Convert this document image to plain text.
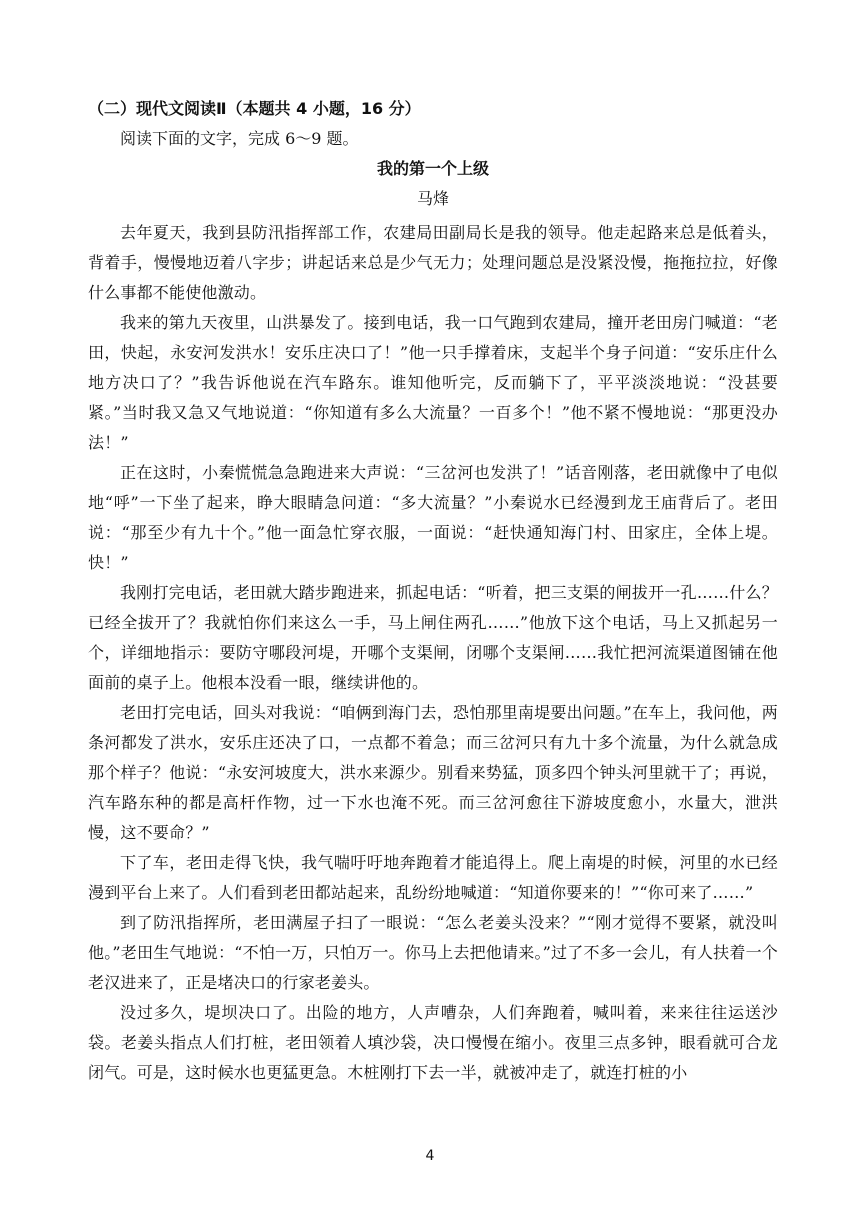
（二）现代文阅读Ⅱ（本题共 4 小题，16 分）

阅读下面的文字，完成 6～9 题。

我的第一个上级

马烽

去年夏天，我到县防汛指挥部工作，农建局田副局长是我的领导。他走起路来总是低着头，背着手，慢慢地迈着八字步；讲起话来总是少气无力；处理问题总是没紧没慢，拖拖拉拉，好像什么事都不能使他激动。

我来的第九天夜里，山洪暴发了。接到电话，我一口气跑到农建局，撞开老田房门喊道：“老田，快起，永安河发洪水！安乐庄决口了！”他一只手撑着床，支起半个身子问道：“安乐庄什么地方决口了？”我告诉他说在汽车路东。谁知他听完，反而躺下了，平平淡淡地说：“没甚要紧。”当时我又急又气地说道：“你知道有多么大流量？一百多个！”他不紧不慢地说：“那更没办法！”

正在这时，小秦慌慌急急跑进来大声说：“三岔河也发洪了！”话音刚落，老田就像中了电似地“呼”一下坐了起来，睁大眼睛急问道：“多大流量？”小秦说水已经漫到龙王庙背后了。老田说：“那至少有九十个。”他一面急忙穿衣服，一面说：“赶快通知海门村、田家庄，全体上堤。快！”

我刚打完电话，老田就大踏步跑进来，抓起电话：“听着，把三支渠的闸拔开一孔……什么？已经全拔开了？我就怕你们来这么一手，马上闸住两孔……”他放下这个电话，马上又抓起另一个，详细地指示：要防守哪段河堤，开哪个支渠闸，闭哪个支渠闸……我忙把河流渠道图铺在他面前的桌子上。他根本没看一眼，继续讲他的。

老田打完电话，回头对我说：“咱俩到海门去，恐怕那里南堤要出问题。”在车上，我问他，两条河都发了洪水，安乐庄还决了口，一点都不着急；而三岔河只有九十多个流量，为什么就急成那个样子？他说：“永安河坡度大，洪水来源少。别看来势猛，顶多四个钟头河里就干了；再说，汽车路东种的都是高杆作物，过一下水也淹不死。而三岔河愈往下游坡度愈小，水量大，泄洪慢，这不要命？”

下了车，老田走得飞快，我气喘吁吁地奔跑着才能追得上。爬上南堤的时候，河里的水已经漫到平台上来了。人们看到老田都站起来，乱纷纷地喊道：“知道你要来的！”“你可来了……”

到了防汛指挥所，老田满屋子扫了一眼说：“怎么老姜头没来？”“刚才觉得不要紧，就没叫他。”老田生气地说：“不怕一万，只怕万一。你马上去把他请来。”过了不多一会儿，有人扶着一个老汉进来了，正是堵决口的行家老姜头。

没过多久，堤坝决口了。出险的地方，人声嘈杂，人们奔跑着，喊叫着，来来往往运送沙袋。老姜头指点人们打桩，老田领着人填沙袋，决口慢慢在缩小。夜里三点多钟，眼看就可合龙闭气。可是，这时候水也更猛更急。木桩刚打下去一半，就被冲走了，就连打桩的小

4
